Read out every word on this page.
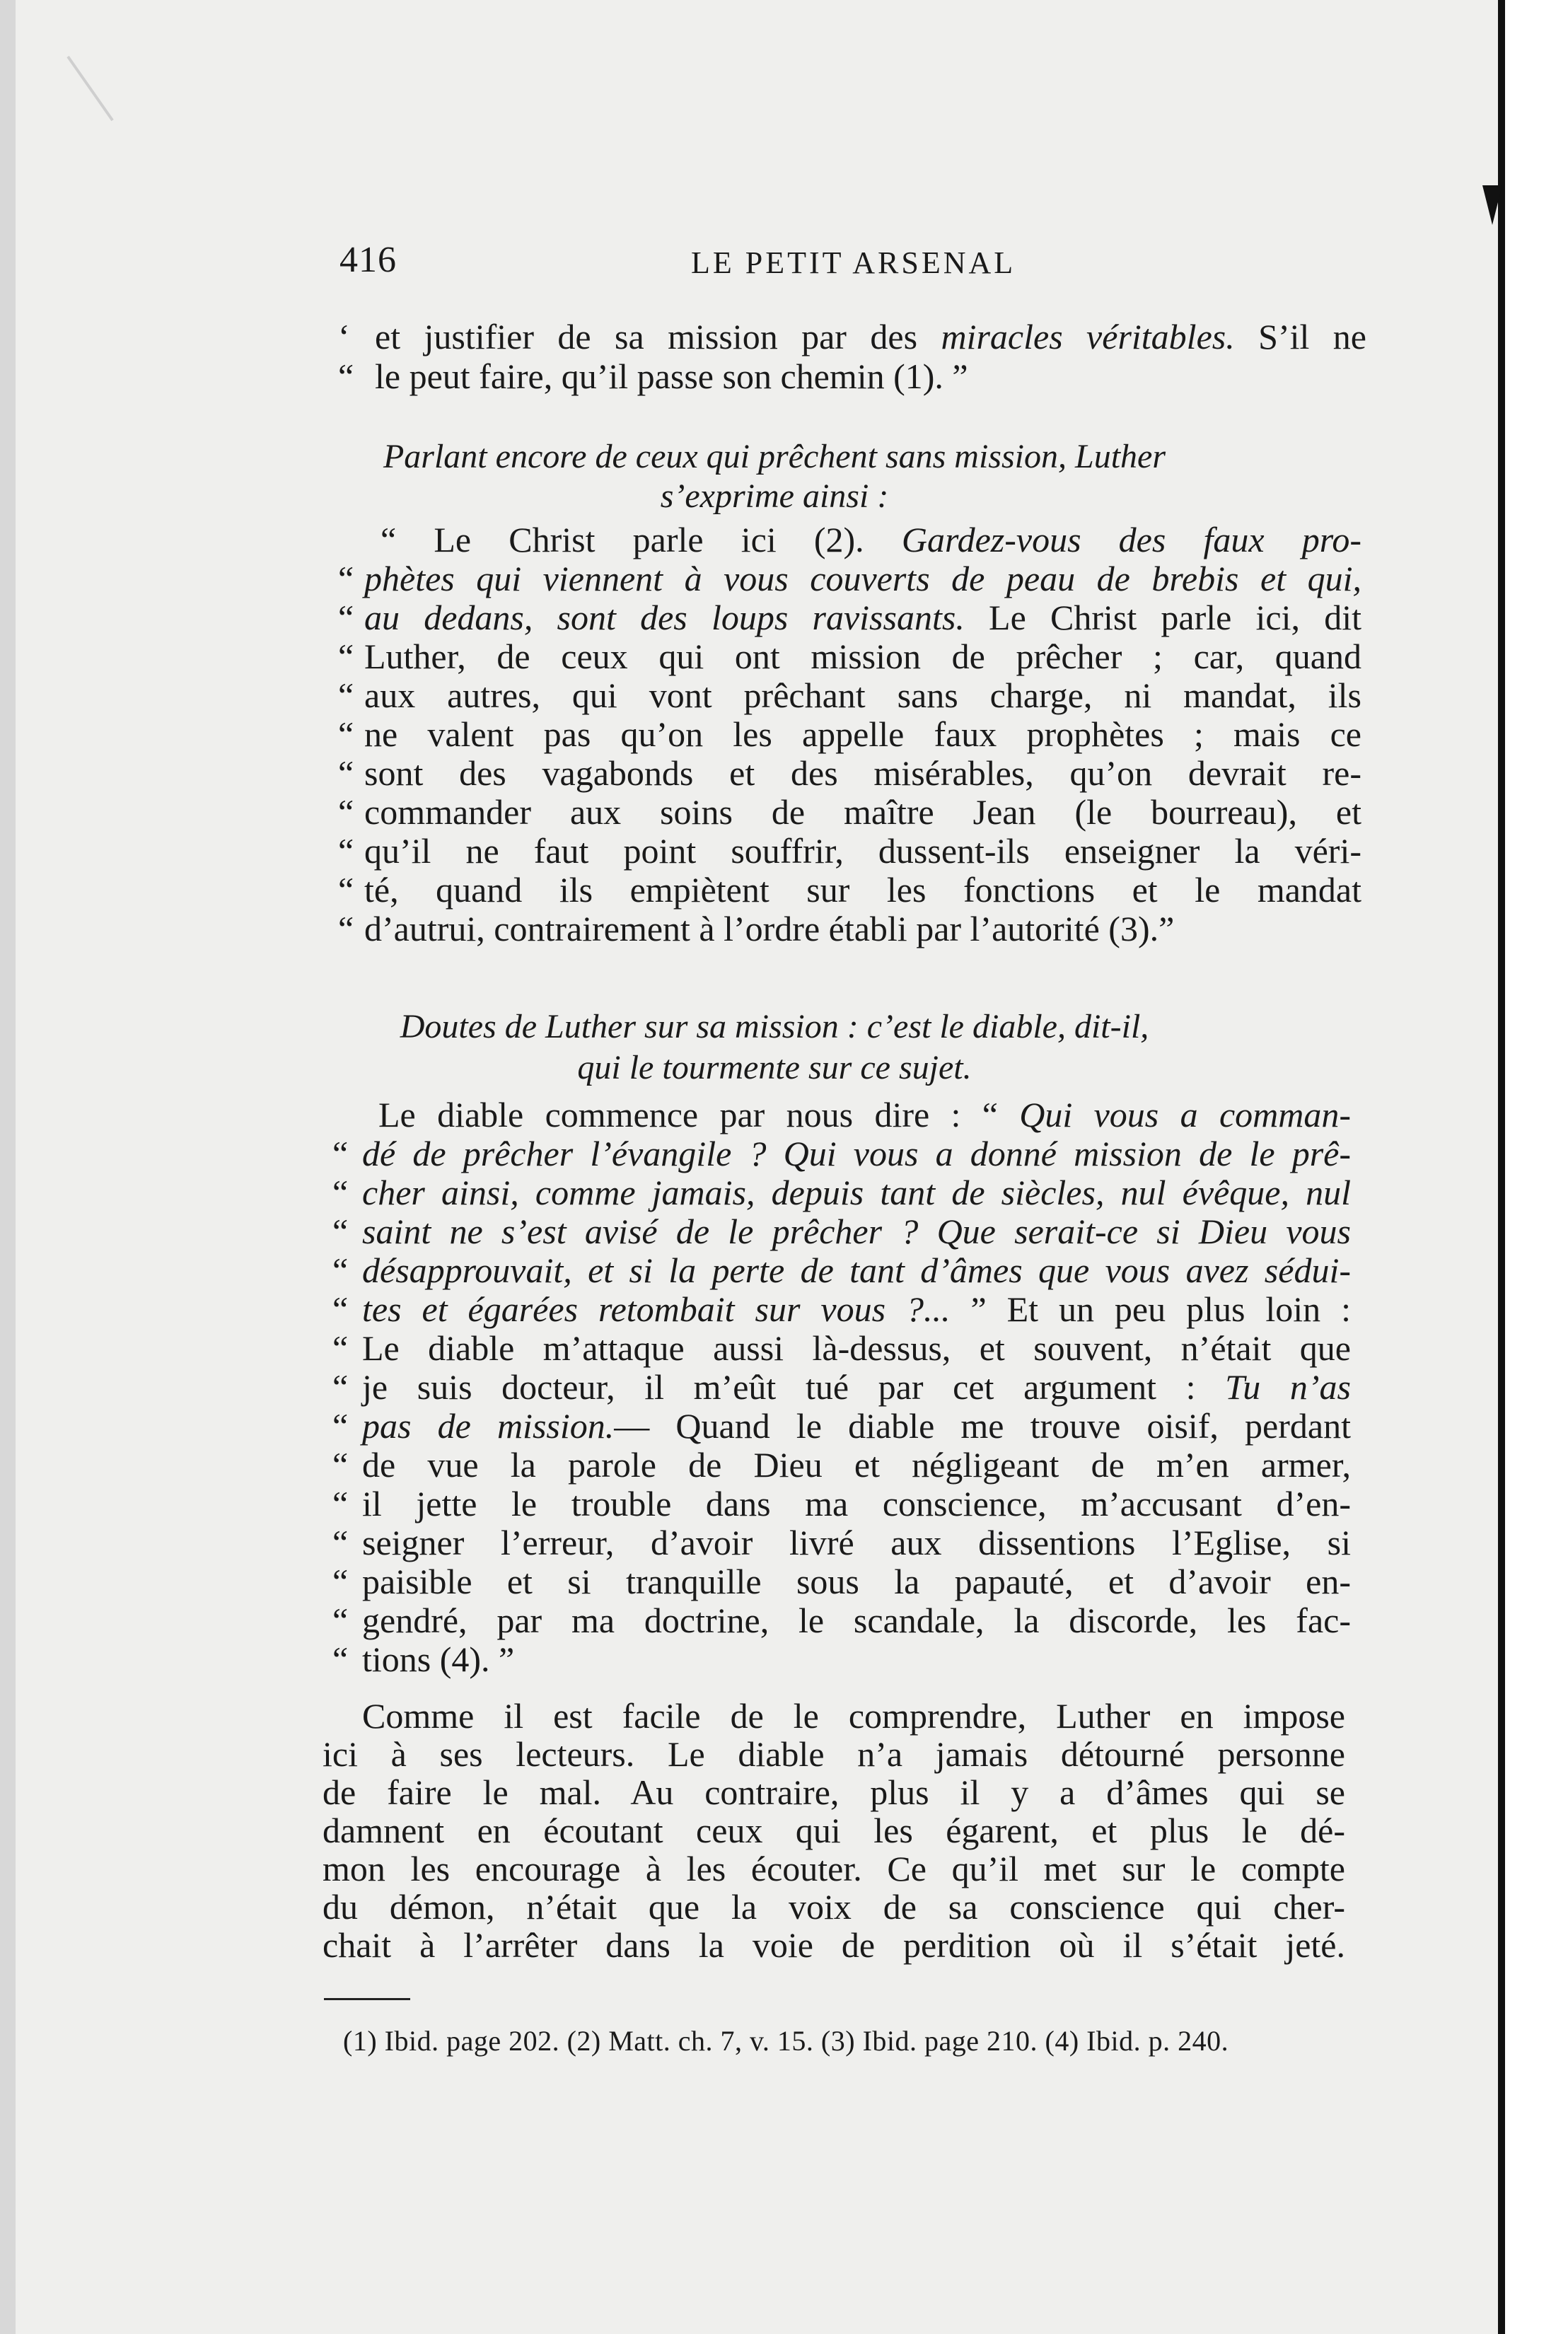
416	LE PETIT ARSENAL
‘ et justifier de sa mission par des miracles véritables. S’il ne
“ le peut faire, qu’il passe son chemin (1). ”
Parlant encore de ceux qui prêchent sans mission, Luther
s’exprime ainsi :
“ Le Christ parle ici (2). Gardez-vous des faux pro-
“ phètes qui viennent à vous couverts de peau de brebis et qui,
“ au dedans, sont des loups ravissants. Le Christ parle ici, dit
“ Luther, de ceux qui ont mission de prêcher ; car, quand
“ aux autres, qui vont prêchant sans charge, ni mandat, ils
“ ne valent pas qu’on les appelle faux prophètes ; mais ce
“ sont des vagabonds et des misérables, qu’on devrait re-
“ commander aux soins de maître Jean (le bourreau), et
“ qu’il ne faut point souffrir, dussent-ils enseigner la véri-
“ té, quand ils empiètent sur les fonctions et le mandat
“ d’autrui, contrairement à l’ordre établi par l’autorité (3).”
Doutes de Luther sur sa mission : c’est le diable, dit-il,
qui le tourmente sur ce sujet.
Le diable commence par nous dire : “ Qui vous a comman-
“ dé de prêcher l’évangile ? Qui vous a donné mission de le prê-
“ cher ainsi, comme jamais, depuis tant de siècles, nul évêque, nul
“ saint ne s’est avisé de le prêcher ? Que serait-ce si Dieu vous
“ désapprouvait, et si la perte de tant d’âmes que vous avez sédui-
“ tes et égarées retombait sur vous ?... ” Et un peu plus loin :
“ Le diable m’attaque aussi là-dessus, et souvent, n’était que
“ je suis docteur, il m’eût tué par cet argument : Tu n’as
“ pas de mission.— Quand le diable me trouve oisif, perdant
“ de vue la parole de Dieu et négligeant de m’en armer,
“ il jette le trouble dans ma conscience, m’accusant d’en-
“ seigner l’erreur, d’avoir livré aux dissentions l’Eglise, si
“ paisible et si tranquille sous la papauté, et d’avoir en-
“ gendré, par ma doctrine, le scandale, la discorde, les fac-
“ tions (4). ”
Comme il est facile de le comprendre, Luther en impose
ici à ses lecteurs. Le diable n’a jamais détourné personne
de faire le mal. Au contraire, plus il y a d’âmes qui se
damnent en écoutant ceux qui les égarent, et plus le dé-
mon les encourage à les écouter. Ce qu’il met sur le compte
du démon, n’était que la voix de sa conscience qui cher-
chait à l’arrêter dans la voie de perdition où il s’était jeté.
(1) Ibid. page 202. (2) Matt. ch. 7, v. 15. (3) Ibid. page 210. (4) Ibid. p. 240.
